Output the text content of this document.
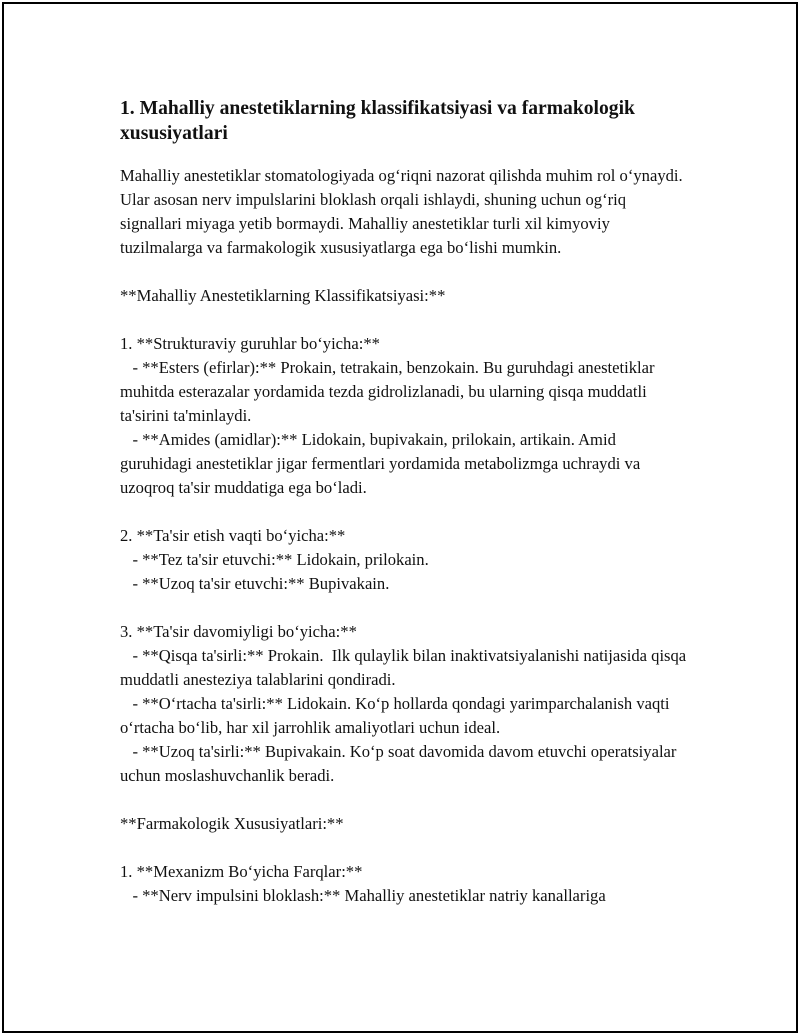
1. Mahalliy anestetiklarning klassifikatsiyasi va farmakologik xususiyatlari

Mahalliy anestetiklar stomatologiyada og‘riqni nazorat qilishda muhim rol o‘ynaydi. Ular asosan nerv impulslarini bloklash orqali ishlaydi, shuning uchun og‘riq signallari miyaga yetib bormaydi. Mahalliy anestetiklar turli xil kimyoviy tuzilmalarga va farmakologik xususiyatlarga ega bo‘lishi mumkin.

**Mahalliy Anestetiklarning Klassifikatsiyasi:**

1. **Strukturaviy guruhlar bo‘yicha:**

- **Esters (efirlar):** Prokain, tetrakain, benzokain. Bu guruhdagi anestetiklar muhitda esterazalar yordamida tezda gidrolizlanadi, bu ularning qisqa muddatli ta'sirini ta'minlaydi.

- **Amides (amidlar):** Lidokain, bupivakain, prilokain, artikain. Amid guruhidagi anestetiklar jigar fermentlari yordamida metabolizmga uchraydi va uzoqroq ta'sir muddatiga ega bo‘ladi.

2. **Ta'sir etish vaqti bo‘yicha:**

- **Tez ta'sir etuvchi:** Lidokain, prilokain.

- **Uzoq ta'sir etuvchi:** Bupivakain.

3. **Ta'sir davomiyligi bo‘yicha:**

- **Qisqa ta'sirli:** Prokain.  Ilk qulaylik bilan inaktivatsiyalanishi natijasida qisqa muddatli anesteziya talablarini qondiradi.

- **O‘rtacha ta'sirli:** Lidokain. Ko‘p hollarda qondagi yarimparchalanish vaqti o‘rtacha bo‘lib, har xil jarrohlik amaliyotlari uchun ideal.

- **Uzoq ta'sirli:** Bupivakain. Ko‘p soat davomida davom etuvchi operatsiyalar uchun moslashuvchanlik beradi.

**Farmakologik Xususiyatlari:**

1. **Mexanizm Bo‘yicha Farqlar:**

- **Nerv impulsini bloklash:** Mahalliy anestetiklar natriy kanallariga
